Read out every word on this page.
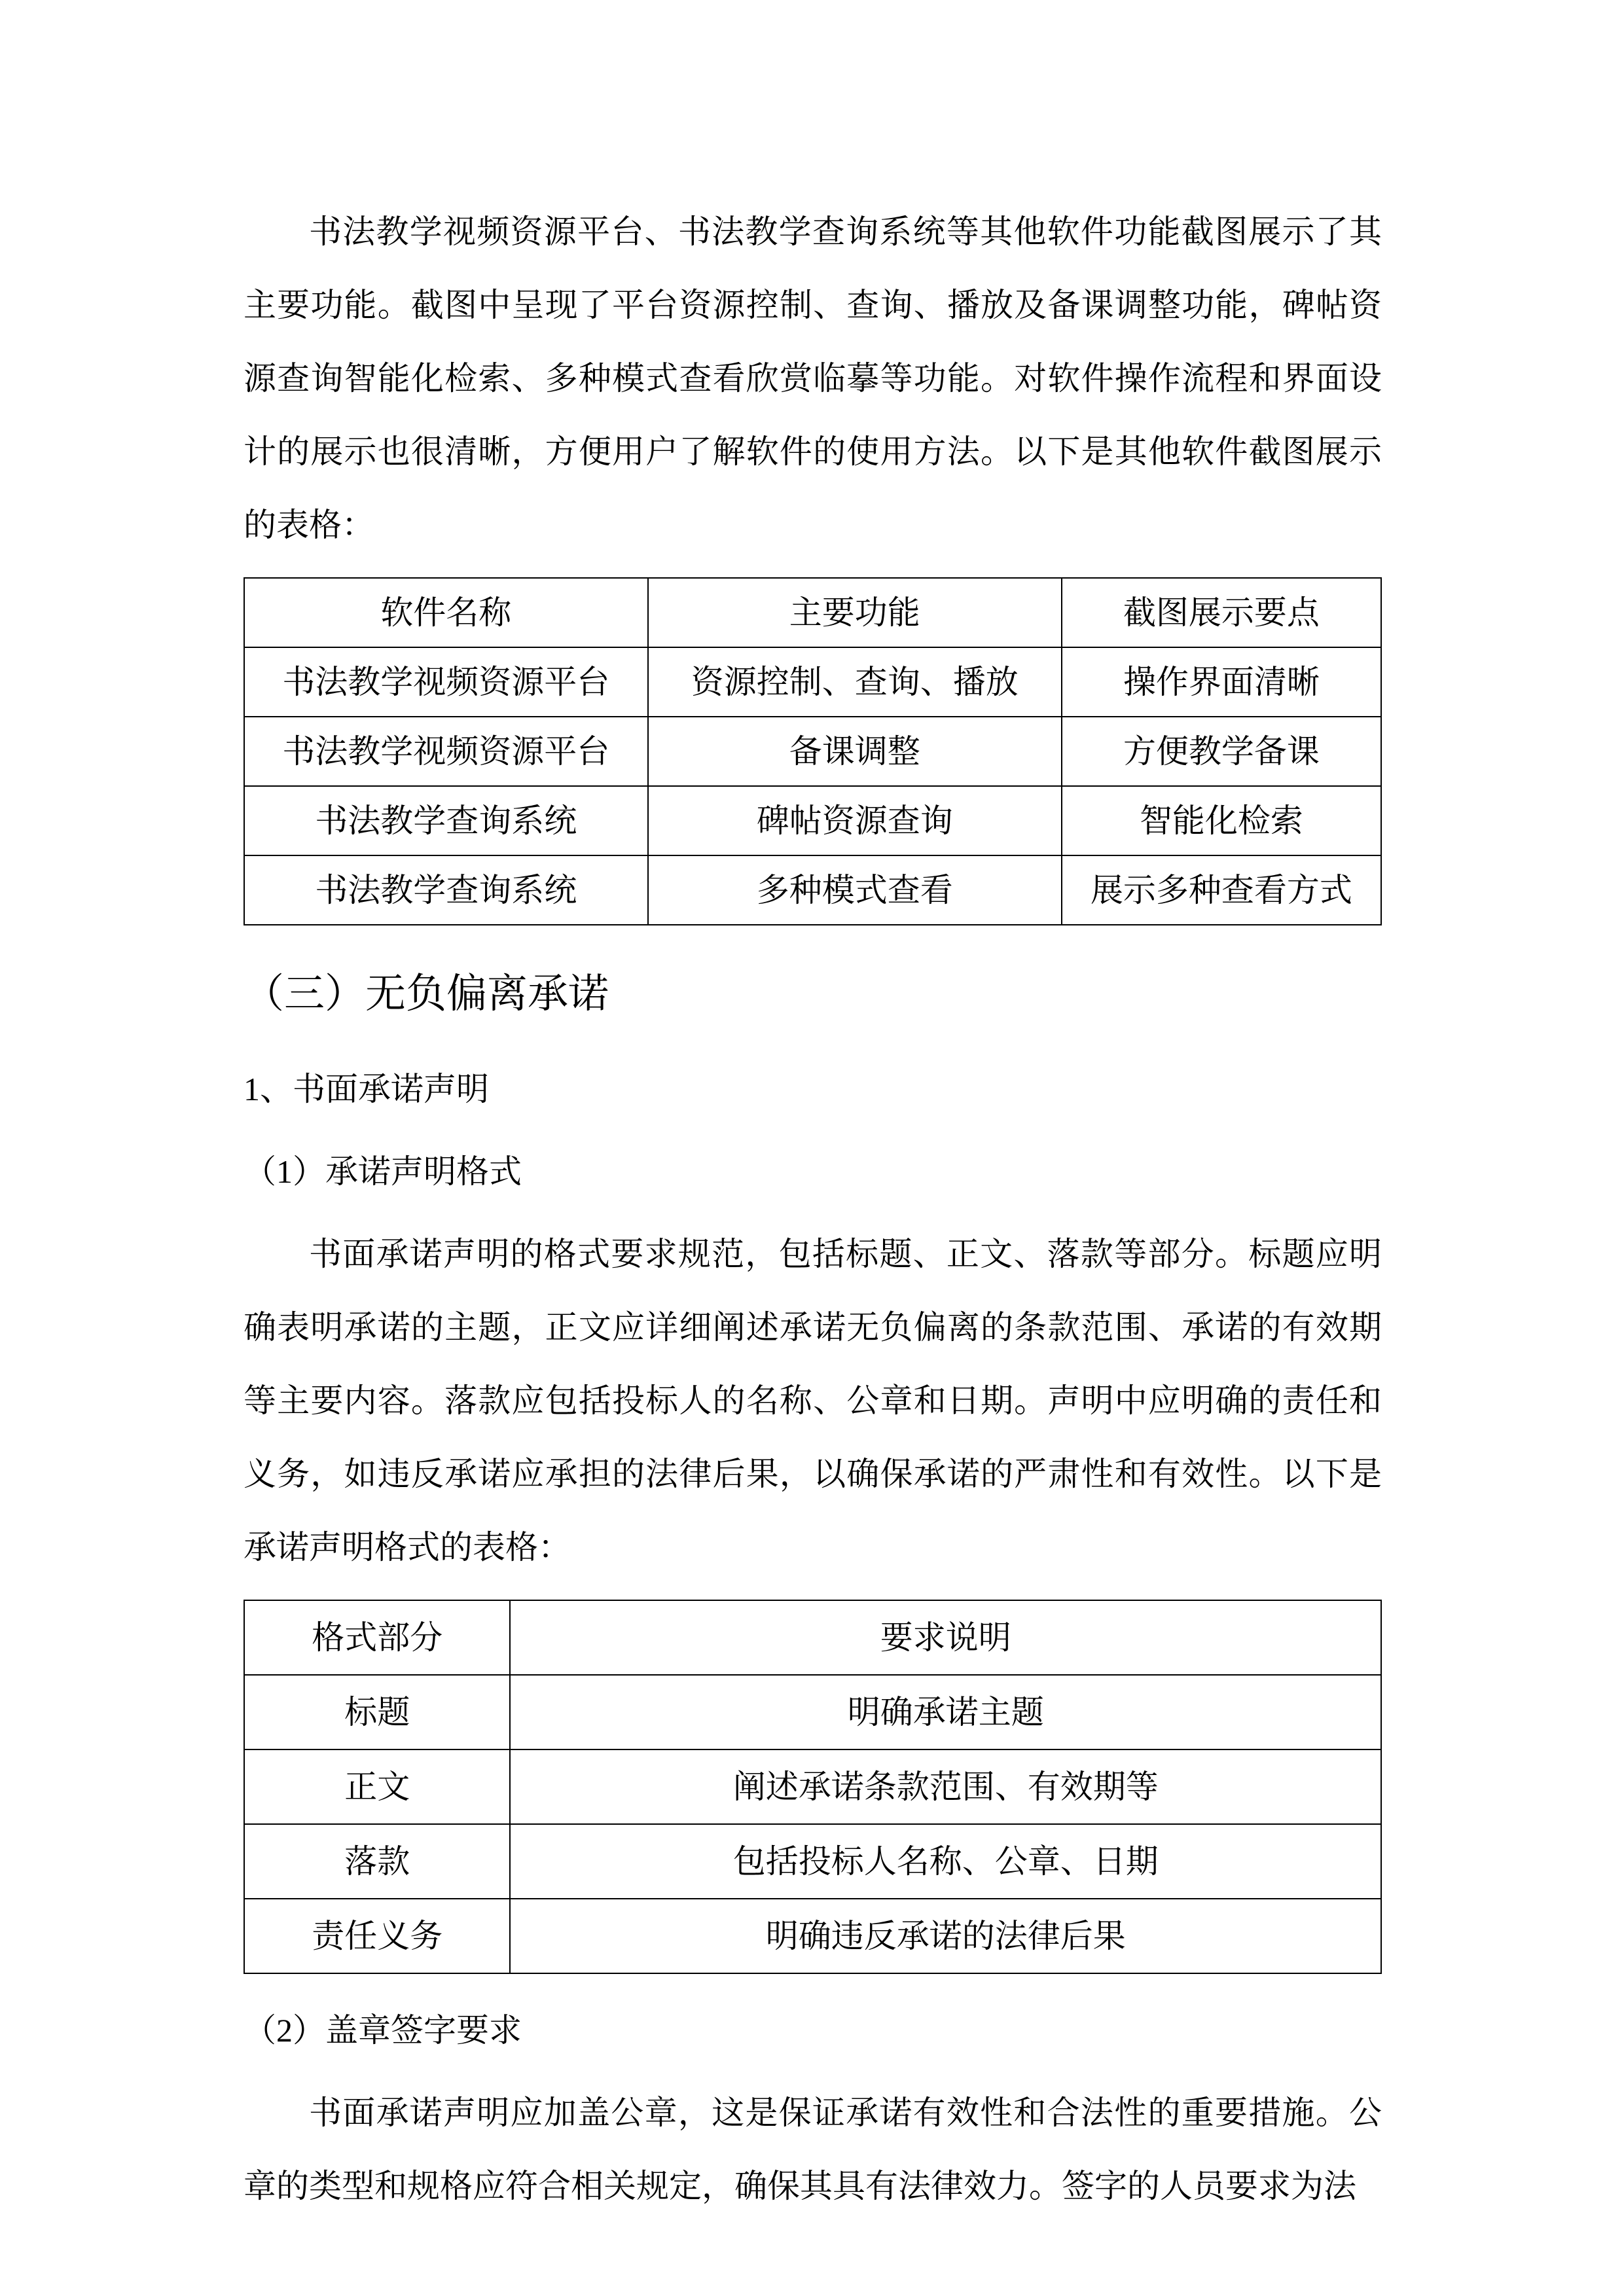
书法教学视频资源平台、书法教学查询系统等其他软件功能截图展示了其主要功能。截图中呈现了平台资源控制、查询、播放及备课调整功能，碑帖资源查询智能化检索、多种模式查看欣赏临摹等功能。对软件操作流程和界面设计的展示也很清晰，方便用户了解软件的使用方法。以下是其他软件截图展示的表格：

软件名称	主要功能	截图展示要点
书法教学视频资源平台	资源控制、查询、播放	操作界面清晰
书法教学视频资源平台	备课调整	方便教学备课
书法教学查询系统	碑帖资源查询	智能化检索
书法教学查询系统	多种模式查看	展示多种查看方式
（三）无负偏离承诺

1、书面承诺声明

（1）承诺声明格式

书面承诺声明的格式要求规范，包括标题、正文、落款等部分。标题应明确表明承诺的主题，正文应详细阐述承诺无负偏离的条款范围、承诺的有效期等主要内容。落款应包括投标人的名称、公章和日期。声明中应明确的责任和义务，如违反承诺应承担的法律后果，以确保承诺的严肃性和有效性。以下是承诺声明格式的表格：

格式部分	要求说明
标题	明确承诺主题
正文	阐述承诺条款范围、有效期等
落款	包括投标人名称、公章、日期
责任义务	明确违反承诺的法律后果

（2）盖章签字要求

书面承诺声明应加盖公章，这是保证承诺有效性和合法性的重要措施。公章的类型和规格应符合相关规定，确保其具有法律效力。签字的人员要求为法
